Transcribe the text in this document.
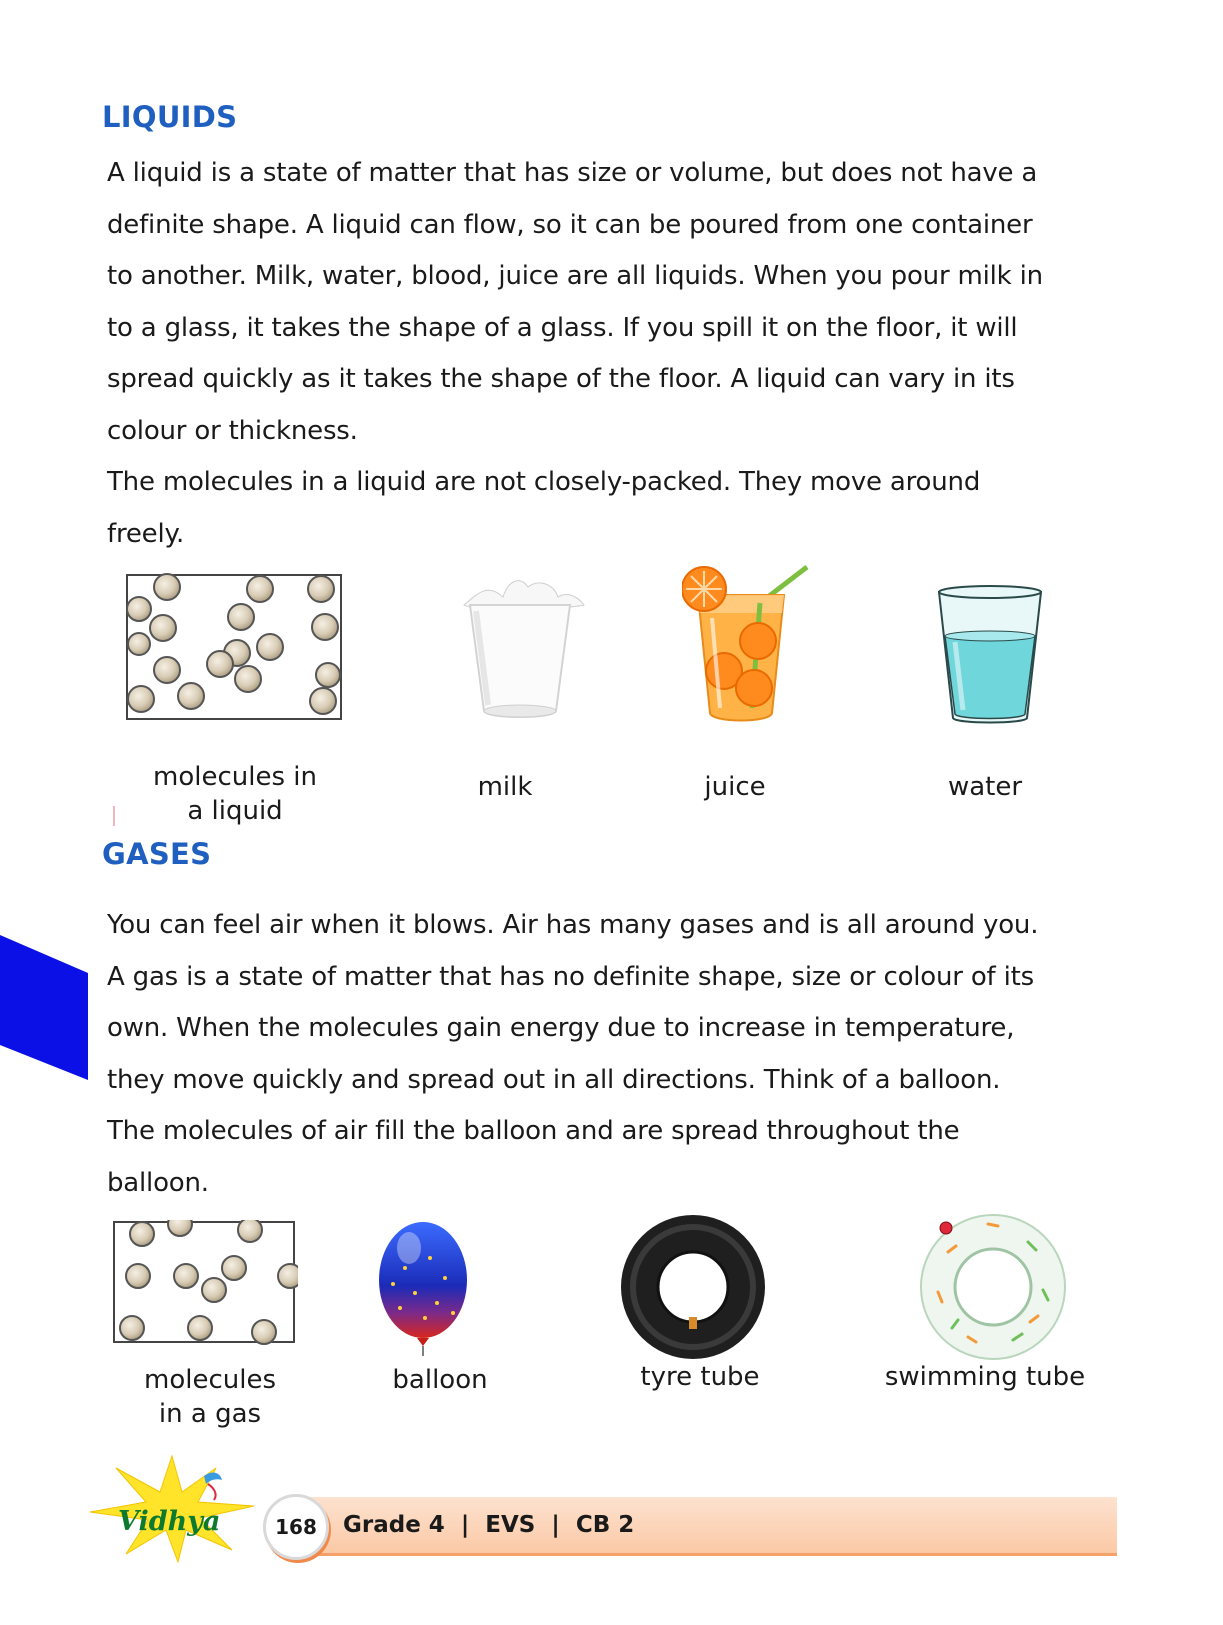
LIQUIDS

A liquid is a state of matter that has size or volume, but does not have a
definite shape. A liquid can flow, so it can be poured from one container
to another. Milk, water, blood, juice are all liquids. When you pour milk in
to a glass, it takes the shape of a glass. If you spill it on the floor, it will
spread quickly as it takes the shape of the floor. A liquid can vary in its
colour or thickness.
The molecules in a liquid are not closely-packed. They move around
freely.

molecules in
a liquid

milk	juice	water

GASES

You can feel air when it blows. Air has many gases and is all around you.
A gas is a state of matter that has no definite shape, size or colour of its
own. When the molecules gain energy due to increase in temperature,
they move quickly and spread out in all directions. Think of a balloon.
The molecules of air fill the balloon and are spread throughout the
balloon.

molecules
in a gas

balloon	tyre tube	swimming tube

Vidhya	168	Grade 4  |  EVS  |  CB 2
